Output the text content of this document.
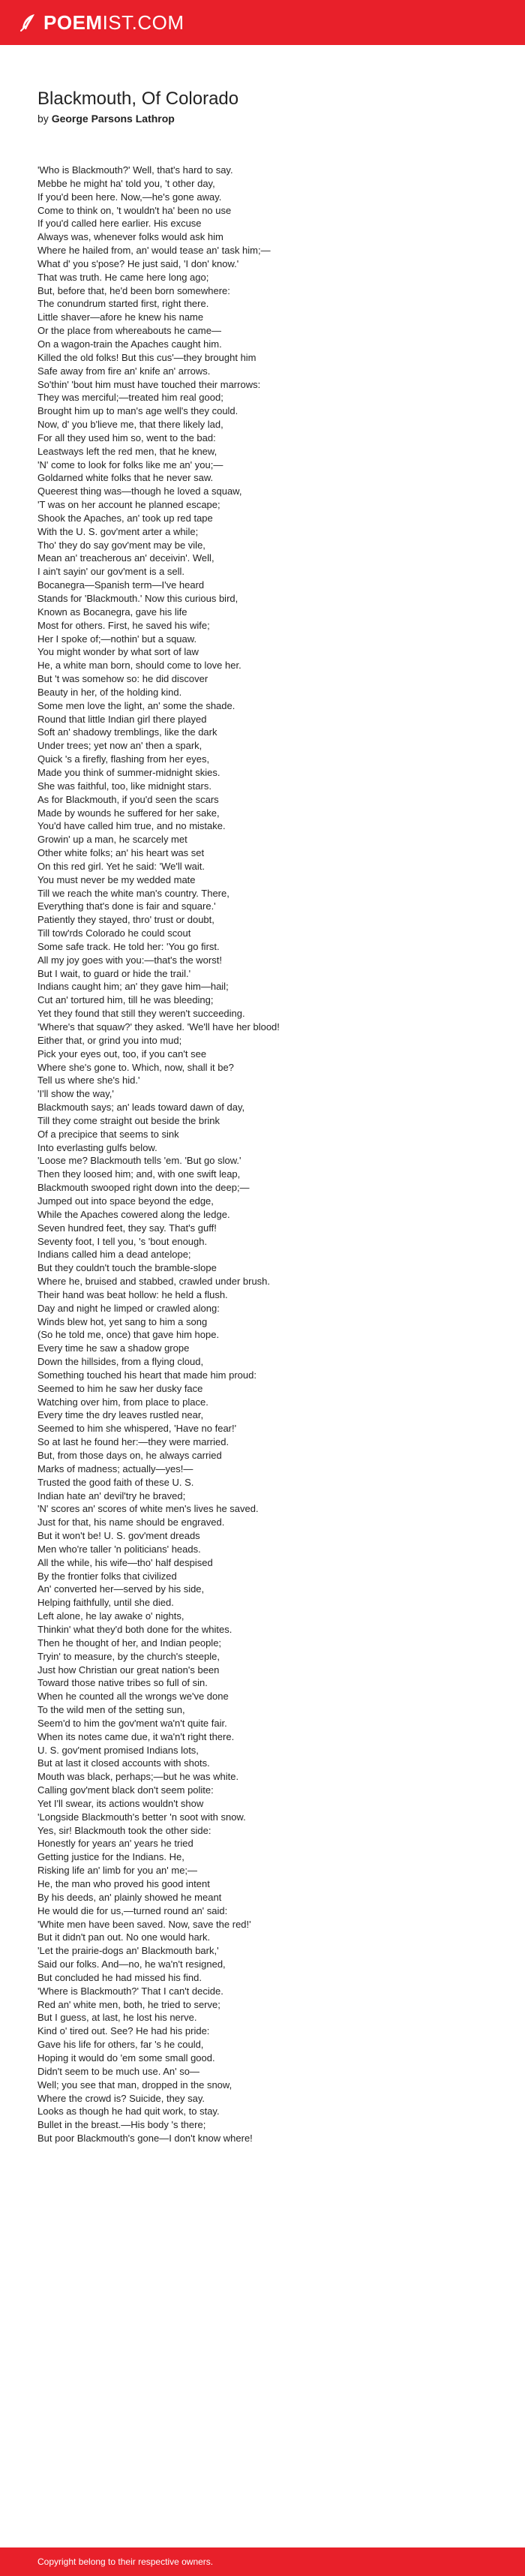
POEM IST.COM
Blackmouth, Of Colorado
by George Parsons Lathrop
'Who is Blackmouth?' Well, that's hard to say.
Mebbe he might ha' told you, 't other day,
If you'd been here. Now,—he's gone away.
Come to think on, 't wouldn't ha' been no use
If you'd called here earlier. His excuse
Always was, whenever folks would ask him
Where he hailed from, an' would tease an' task him;—
What d' you s'pose? He just said, 'I don' know.'
That was truth. He came here long ago;
But, before that, he'd been born somewhere:
The conundrum started first, right there.
Little shaver—afore he knew his name
Or the place from whereabouts he came—
On a wagon-train the Apaches caught him.
Killed the old folks! But this cus'—they brought him
Safe away from fire an' knife an' arrows.
So'thin' 'bout him must have touched their marrows:
They was merciful;—treated him real good;
Brought him up to man's age well's they could.
Now, d' you b'lieve me, that there likely lad,
For all they used him so, went to the bad:
Leastways left the red men, that he knew,
'N' come to look for folks like me an' you;—
Goldarned white folks that he never saw.
Queerest thing was—though he loved a squaw,
'T was on her account he planned escape;
Shook the Apaches, an' took up red tape
With the U. S. gov'ment arter a while;
Tho' they do say gov'ment may be vile,
Mean an' treacherous an' deceivin'. Well,
I ain't sayin' our gov'ment is a sell.
Bocanegra—Spanish term—I've heard
Stands for 'Blackmouth.' Now this curious bird,
Known as Bocanegra, gave his life
Most for others. First, he saved his wife;
Her I spoke of;—nothin' but a squaw.
You might wonder by what sort of law
He, a white man born, should come to love her.
But 't was somehow so: he did discover
Beauty in her, of the holding kind.
Some men love the light, an' some the shade.
Round that little Indian girl there played
Soft an' shadowy tremblings, like the dark
Under trees; yet now an' then a spark,
Quick 's a firefly, flashing from her eyes,
Made you think of summer-midnight skies.
She was faithful, too, like midnight stars.
As for Blackmouth, if you'd seen the scars
Made by wounds he suffered for her sake,
You'd have called him true, and no mistake.
Growin' up a man, he scarcely met
Other white folks; an' his heart was set
On this red girl. Yet he said: 'We'll wait.
You must never be my wedded mate
Till we reach the white man's country. There,
Everything that's done is fair and square.'
Patiently they stayed, thro' trust or doubt,
Till tow'rds Colorado he could scout
Some safe track. He told her: 'You go first.
All my joy goes with you:—that's the worst!
But I wait, to guard or hide the trail.'
Indians caught him; an' they gave him—hail;
Cut an' tortured him, till he was bleeding;
Yet they found that still they weren't succeeding.
'Where's that squaw?' they asked. 'We'll have her blood!
Either that, or grind you into mud;
Pick your eyes out, too, if you can't see
Where she's gone to. Which, now, shall it be?
Tell us where she's hid.'
'I'll show the way,'
Blackmouth says; an' leads toward dawn of day,
Till they come straight out beside the brink
Of a precipice that seems to sink
Into everlasting gulfs below.
'Loose me? Blackmouth tells 'em. 'But go slow.'
Then they loosed him; and, with one swift leap,
Blackmouth swooped right down into the deep;—
Jumped out into space beyond the edge,
While the Apaches cowered along the ledge.
Seven hundred feet, they say. That's guff!
Seventy foot, I tell you, 's 'bout enough.
Indians called him a dead antelope;
But they couldn't touch the bramble-slope
Where he, bruised and stabbed, crawled under brush.
Their hand was beat hollow: he held a flush.
Day and night he limped or crawled along:
Winds blew hot, yet sang to him a song
(So he told me, once) that gave him hope.
Every time he saw a shadow grope
Down the hillsides, from a flying cloud,
Something touched his heart that made him proud:
Seemed to him he saw her dusky face
Watching over him, from place to place.
Every time the dry leaves rustled near,
Seemed to him she whispered, 'Have no fear!'
So at last he found her:—they were married.
But, from those days on, he always carried
Marks of madness; actually—yes!—
Trusted the good faith of these U. S.
Indian hate an' devil'try he braved;
'N' scores an' scores of white men's lives he saved.
Just for that, his name should be engraved.
But it won't be! U. S. gov'ment dreads
Men who're taller 'n politicians' heads.
All the while, his wife—tho' half despised
By the frontier folks that civilized
An' converted her—served by his side,
Helping faithfully, until she died.
Left alone, he lay awake o' nights,
Thinkin' what they'd both done for the whites.
Then he thought of her, and Indian people;
Tryin' to measure, by the church's steeple,
Just how Christian our great nation's been
Toward those native tribes so full of sin.
When he counted all the wrongs we've done
To the wild men of the setting sun,
Seem'd to him the gov'ment wa'n't quite fair.
When its notes came due, it wa'n't right there.
U. S. gov'ment promised Indians lots,
But at last it closed accounts with shots.
Mouth was black, perhaps;—but he was white.
Calling gov'ment black don't seem polite:
Yet I'll swear, its actions wouldn't show
'Longside Blackmouth's better 'n soot with snow.
Yes, sir! Blackmouth took the other side:
Honestly for years an' years he tried
Getting justice for the Indians. He,
Risking life an' limb for you an' me;—
He, the man who proved his good intent
By his deeds, an' plainly showed he meant
He would die for us,—turned round an' said:
'White men have been saved. Now, save the red!'
But it didn't pan out. No one would hark.
'Let the prairie-dogs an' Blackmouth bark,'
Said our folks. And—no, he wa'n't resigned,
But concluded he had missed his find.
'Where is Blackmouth?' That I can't decide.
Red an' white men, both, he tried to serve;
But I guess, at last, he lost his nerve.
Kind o' tired out. See? He had his pride:
Gave his life for others, far 's he could,
Hoping it would do 'em some small good.
Didn't seem to be much use. An' so—
Well; you see that man, dropped in the snow,
Where the crowd is? Suicide, they say.
Looks as though he had quit work, to stay.
Bullet in the breast.—His body 's there;
But poor Blackmouth's gone—I don't know where!
Copyright belong to their respective owners.
